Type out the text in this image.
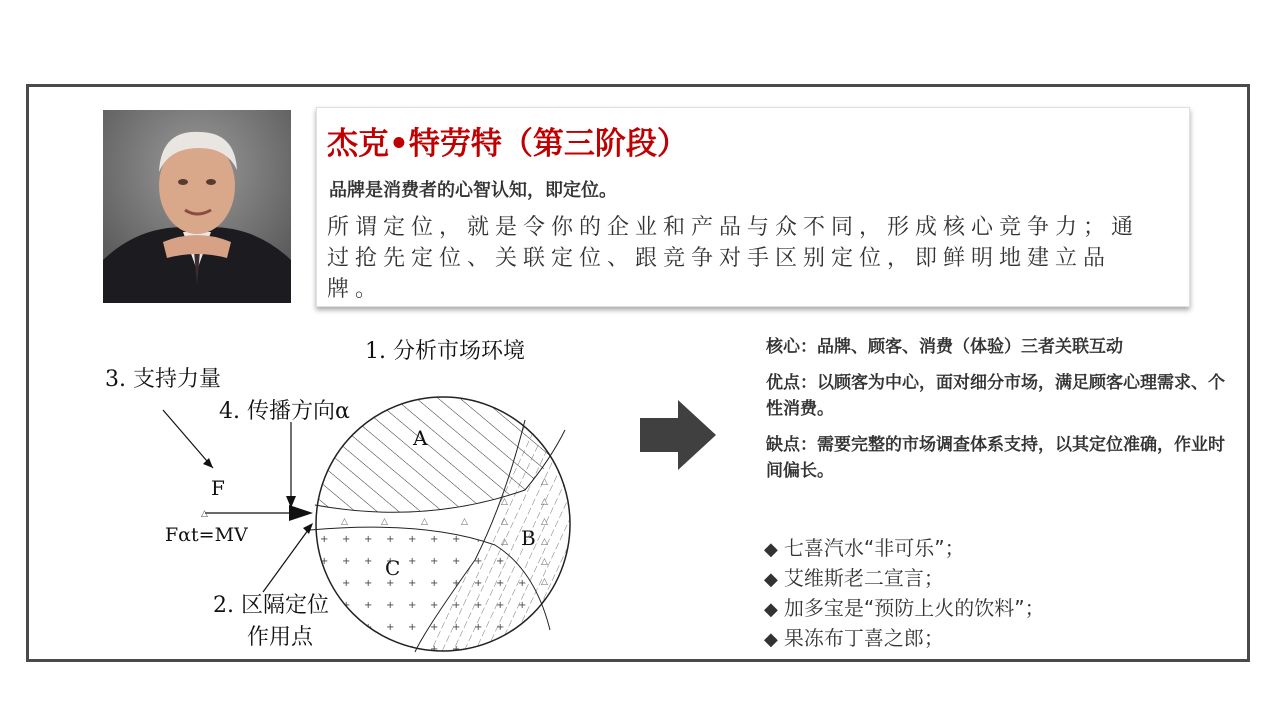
杰克•特劳特（第三阶段）
品牌是消费者的心智认知，即定位。
所谓定位，就是令你的企业和产品与众不同，形成核心竞争力；通过抢先定位、关联定位、跟竞争对手区别定位，即鲜明地建立品牌。
△
1. 分析市场环境
3. 支持力量
4. 传播方向α
F
Fαt=MV
2. 区隔定位
作用点
A
B
C

核心：品牌、顾客、消费（体验）三者关联互动

优点：以顾客为中心，面对细分市场，满足顾客心理需求、个性消费。

缺点：需要完整的市场调查体系支持，以其定位准确，作业时间偏长。

◆ 七喜汽水“非可乐”；
◆ 艾维斯老二宣言；
◆ 加多宝是“预防上火的饮料”；
◆ 果冻布丁喜之郎；
